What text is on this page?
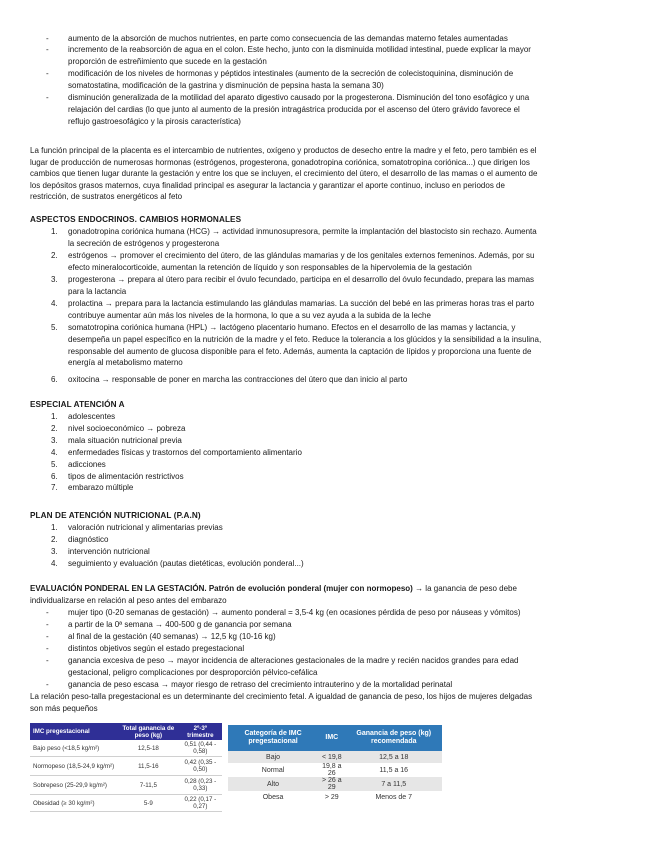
- aumento de la absorción de muchos nutrientes, en parte como consecuencia de las demandas materno fetales aumentadas
- incremento de la reabsorción de agua en el colon. Este hecho, junto con la disminuida motilidad intestinal, puede explicar la mayor
proporción de estreñimiento que sucede en la gestación
- modificación de los niveles de hormonas y péptidos intestinales (aumento de la secreción de colecistoquinina, disminución de
somatostatina, modificación de la gastrina y disminución de pepsina hasta la semana 30)
- disminución generalizada de la motilidad del aparato digestivo causado por la progesterona. Disminución del tono esofágico y una
relajación del cardias (lo que junto al aumento de la presión intragástrica producida por el ascenso del útero grávido favorece el
reflujo gastroesofágico y la pirosis característica)
La función principal de la placenta es el intercambio de nutrientes, oxígeno y productos de desecho entre la madre y el feto, pero también es el
lugar de producción de numerosas hormonas (estrógenos, progesterona, gonadotropina coriónica, somatotropina coriónica...) que dirigen los
cambios que tienen lugar durante la gestación y entre los que se incluyen, el crecimiento del útero, el desarrollo de las mamas o el aumento de
los depósitos grasos maternos, cuya finalidad principal es asegurar la lactancia y garantizar el aporte continuo, incluso en periodos de
restricción, de sustratos energéticos al feto
ASPECTOS ENDOCRINOS. CAMBIOS HORMONALES
1. gonadotropina coriónica humana (HCG) → actividad inmunosupresora, permite la implantación del blastocisto sin rechazo. Aumenta
la secreción de estrógenos y progesterona
2. estrógenos → promover el crecimiento del útero, de las glándulas mamarias y de los genitales externos femeninos. Además, por su
efecto mineralocorticoide, aumentan la retención de líquido y son responsables de la hipervolemia de la gestación
3. progesterona → prepara al útero para recibir el óvulo fecundado, participa en el desarrollo del óvulo fecundado, prepara las mamas
para la lactancia
4. prolactina → prepara para la lactancia estimulando las glándulas mamarias. La succión del bebé en las primeras horas tras el parto
contribuye aumentar aún más los niveles de la hormona, lo que a su vez ayuda a la subida de la leche
5. somatotropina coriónica humana (HPL) → lactógeno placentario humano. Efectos en el desarrollo de las mamas y lactancia, y
desempeña un papel específico en la nutrición de la madre y el feto. Reduce la tolerancia a los glúcidos y la sensibilidad a la insulina,
responsable del aumento de glucosa disponible para el feto. Además, aumenta la captación de lípidos y proporciona una fuente de
energía al metabolismo materno
6. oxitocina → responsable de poner en marcha las contracciones del útero que dan inicio al parto
ESPECIAL ATENCIÓN A
1. adolescentes
2. nivel socioeconómico → pobreza
3. mala situación nutricional previa
4. enfermedades físicas y trastornos del comportamiento alimentario
5. adicciones
6. tipos de alimentación restrictivos
7. embarazo múltiple
PLAN DE ATENCIÓN NUTRICIONAL (P.A.N)
1. valoración nutricional y alimentarias previas
2. diagnóstico
3. intervención nutricional
4. seguimiento y evaluación (pautas dietéticas, evolución ponderal...)
EVALUACIÓN PONDERAL EN LA GESTACIÓN. Patrón de evolución ponderal (mujer con normopeso) → la ganancia de peso debe
individualizarse en relación al peso antes del embarazo
- mujer tipo (0-20 semanas de gestación) → aumento ponderal = 3,5-4 kg (en ocasiones pérdida de peso por náuseas y vómitos)
- a partir de la 0ª semana → 400-500 g de ganancia por semana
- al final de la gestación (40 semanas) → 12,5 kg (10-16 kg)
- distintos objetivos según el estado pregestacional
- ganancia excesiva de peso → mayor incidencia de alteraciones gestacionales de la madre y recién nacidos grandes para edad
gestacional, peligro complicaciones por desproporción pélvico-cefálica
- ganancia de peso escasa → mayor riesgo de retraso del crecimiento intrauterino y de la mortalidad perinatal
La relación peso-talla pregestacional es un determinante del crecimiento fetal. A igualdad de ganancia de peso, los hijos de mujeres delgadas
son más pequeños
IMC pregestacional	Total ganancia de peso (kg)	2º-3º trimestre
Bajo peso (<18,5 kg/m²)	12,5-18	0,51 (0,44 - 0,58)
Normopeso (18,5-24,9 kg/m²)	11,5-16	0,42 (0,35 - 0,50)
Sobrepeso (25-29,9 kg/m²)	7-11,5	0,28 (0,23 - 0,33)
Obesidad (≥ 30 kg/m²)	5-9	0,22 (0,17 - 0,27)
Categoría de IMC pregestacional	IMC	Ganancia de peso (kg) recomendada
Bajo	< 19,8	12,5 a 18
Normal	19,8 a 26	11,5 a 16
Alto	> 26 a 29	7 a 11,5
Obesa	> 29	Menos de 7
